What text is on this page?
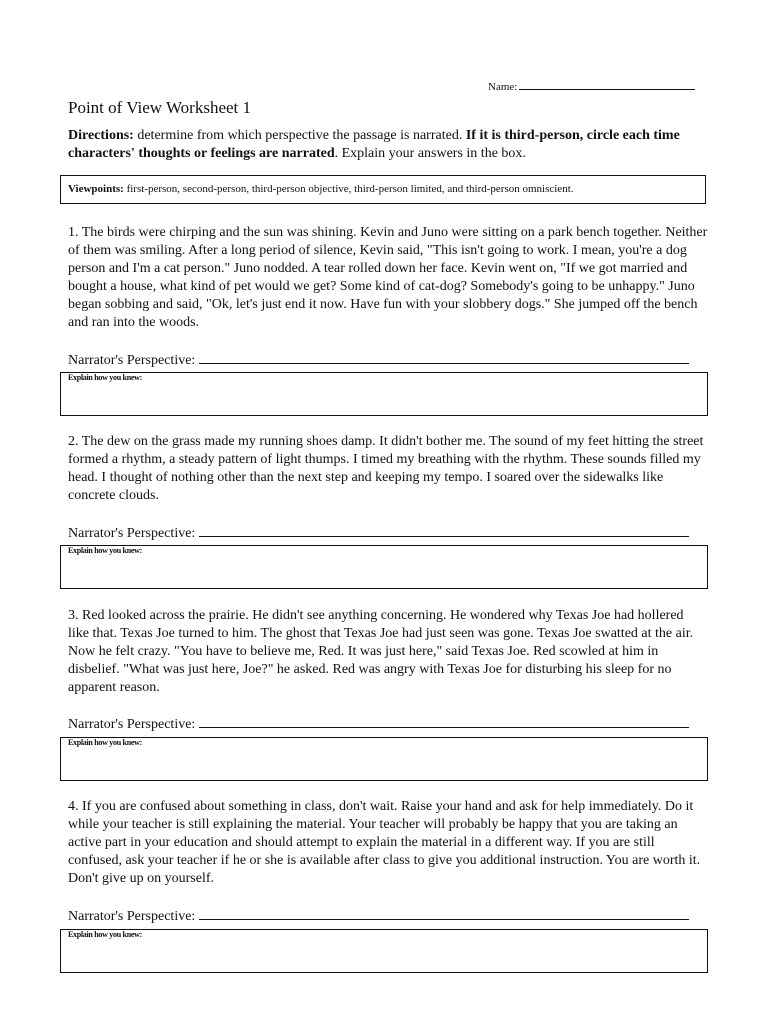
Name:
Point of View Worksheet 1
Directions: determine from which perspective the passage is narrated. If it is third-person, circle each time characters' thoughts or feelings are narrated. Explain your answers in the box.
Viewpoints: first-person, second-person, third-person objective, third-person limited, and third-person omniscient.
1. The birds were chirping and the sun was shining. Kevin and Juno were sitting on a park bench together. Neither of them was smiling. After a long period of silence, Kevin said, "This isn't going to work. I mean, you're a dog person and I'm a cat person." Juno nodded. A tear rolled down her face. Kevin went on, "If we got married and bought a house, what kind of pet would we get? Some kind of cat-dog? Somebody's going to be unhappy." Juno began sobbing and said, "Ok, let's just end it now. Have fun with your slobbery dogs." She jumped off the bench and ran into the woods.
Narrator's Perspective:
Explain how you knew:
2. The dew on the grass made my running shoes damp. It didn't bother me. The sound of my feet hitting the street formed a rhythm, a steady pattern of light thumps. I timed my breathing with the rhythm. These sounds filled my head. I thought of nothing other than the next step and keeping my tempo. I soared over the sidewalks like concrete clouds.
Narrator's Perspective:
Explain how you knew:
3. Red looked across the prairie. He didn't see anything concerning. He wondered why Texas Joe had hollered like that. Texas Joe turned to him. The ghost that Texas Joe had just seen was gone. Texas Joe swatted at the air. Now he felt crazy. "You have to believe me, Red. It was just here," said Texas Joe. Red scowled at him in disbelief. "What was just here, Joe?" he asked. Red was angry with Texas Joe for disturbing his sleep for no apparent reason.
Narrator's Perspective:
Explain how you knew:
4. If you are confused about something in class, don't wait. Raise your hand and ask for help immediately. Do it while your teacher is still explaining the material. Your teacher will probably be happy that you are taking an active part in your education and should attempt to explain the material in a different way. If you are still confused, ask your teacher if he or she is available after class to give you additional instruction. You are worth it. Don't give up on yourself.
Narrator's Perspective:
Explain how you knew:
